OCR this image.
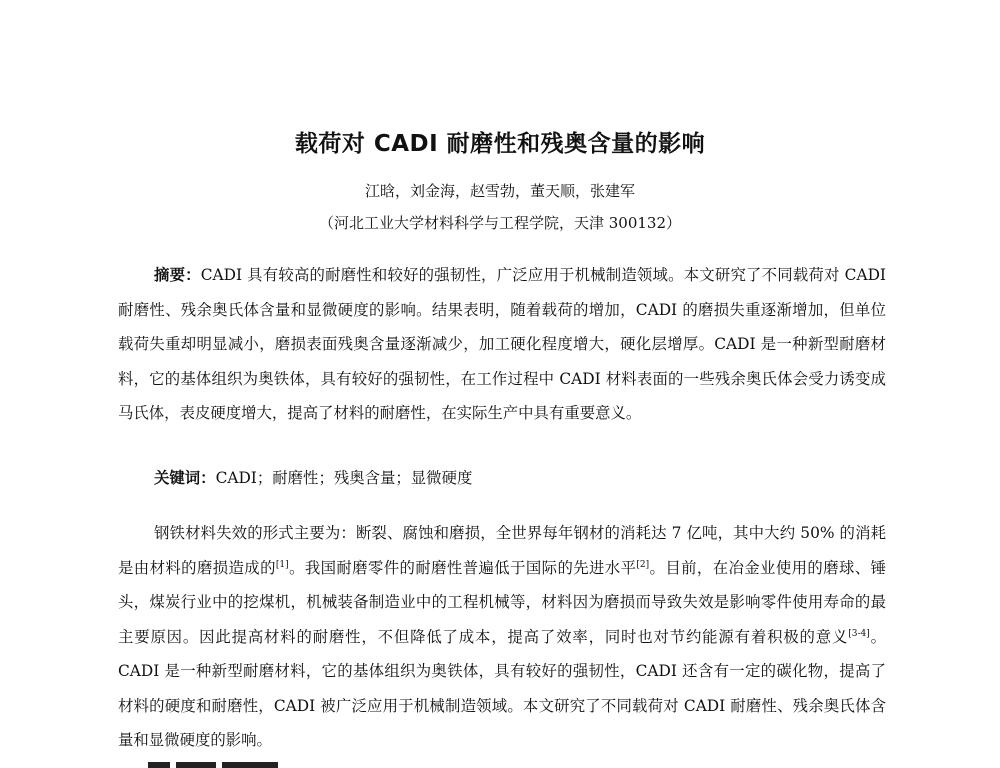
载荷对 CADI 耐磨性和残奥含量的影响
江晗，刘金海，赵雪勃，董天顺，张建军
（河北工业大学材料科学与工程学院，天津 300132）

摘要：CADI 具有较高的耐磨性和较好的强韧性，广泛应用于机械制造领域。本文研究了不同载荷对 CADI 耐磨性、残余奥氏体含量和显微硬度的影响。结果表明，随着载荷的增加，CADI 的磨损失重逐渐增加，但单位载荷失重却明显减小，磨损表面残奥含量逐渐减少，加工硬化程度增大，硬化层增厚。CADI 是一种新型耐磨材料，它的基体组织为奥铁体，具有较好的强韧性，在工作过程中 CADI 材料表面的一些残余奥氏体会受力诱变成马氏体，表皮硬度增大，提高了材料的耐磨性，在实际生产中具有重要意义。

关键词：CADI；耐磨性；残奥含量；显微硬度

钢铁材料失效的形式主要为：断裂、腐蚀和磨损，全世界每年钢材的消耗达 7 亿吨，其中大约 50% 的消耗是由材料的磨损造成的[1]。我国耐磨零件的耐磨性普遍低于国际的先进水平[2]。目前，在冶金业使用的磨球、锤头，煤炭行业中的挖煤机，机械装备制造业中的工程机械等，材料因为磨损而导致失效是影响零件使用寿命的最主要原因。因此提高材料的耐磨性，不但降低了成本，提高了效率，同时也对节约能源有着积极的意义[3-4]。CADI 是一种新型耐磨材料，它的基体组织为奥铁体，具有较好的强韧性，CADI 还含有一定的碳化物，提高了材料的硬度和耐磨性，CADI 被广泛应用于机械制造领域。本文研究了不同载荷对 CADI 耐磨性、残余奥氏体含量和显微硬度的影响。
